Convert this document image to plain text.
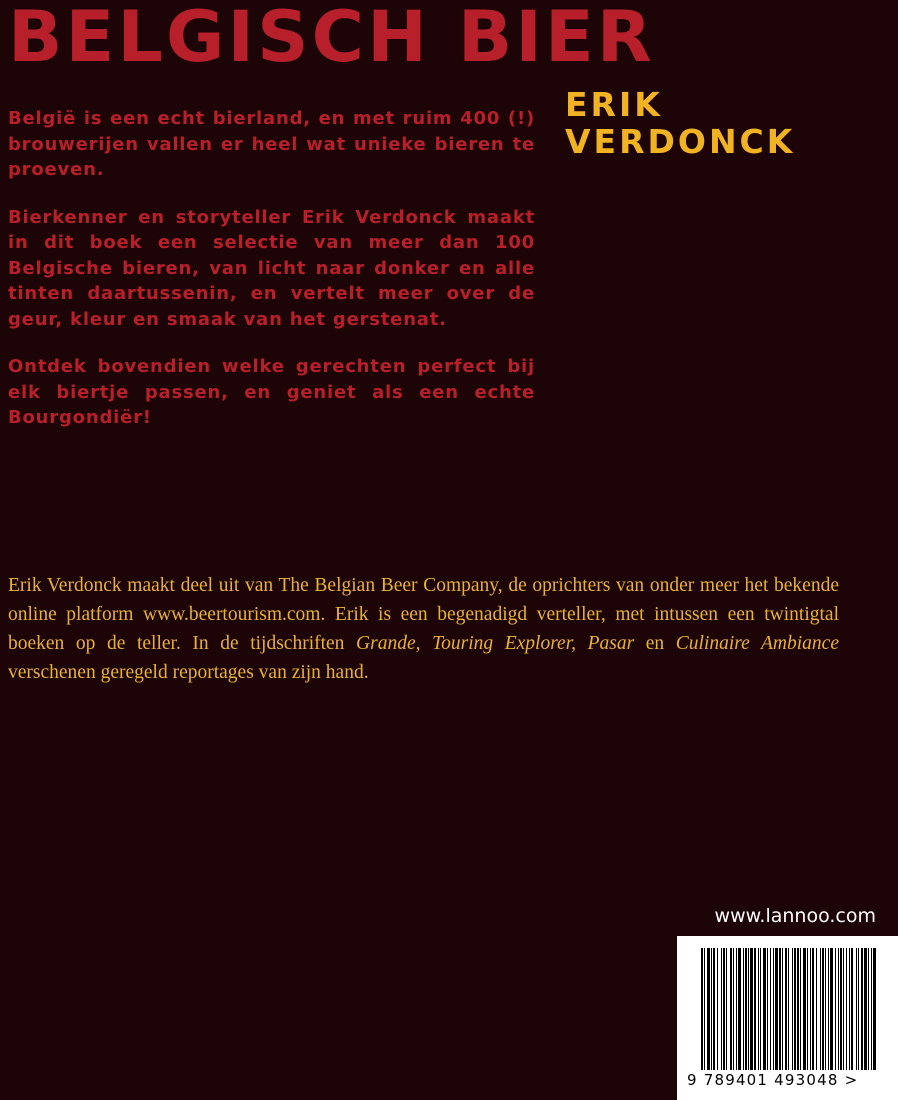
BELGISCH BIER
ERIK
VERDONCK

België is een echt bierland, en met ruim 400 (!) brouwerijen vallen er heel wat unieke bieren te proeven.

Bierkenner en storyteller Erik Verdonck maakt in dit boek een selectie van meer dan 100 Belgische bieren, van licht naar donker en alle tinten daartussenin, en vertelt meer over de geur, kleur en smaak van het gerstenat.

Ontdek bovendien welke gerechten perfect bij elk biertje passen, en geniet als een echte Bourgondiër!

Erik Verdonck maakt deel uit van The Belgian Beer Company, de oprichters van onder meer het bekende online platform www.beertourism.com. Erik is een begenadigd verteller, met intussen een twintigtal boeken op de teller. In de tijdschriften Grande, Touring Explorer, Pasar en Culinaire Ambiance verschenen geregeld reportages van zijn hand.

www.lannoo.com
9 789401 493048 >
